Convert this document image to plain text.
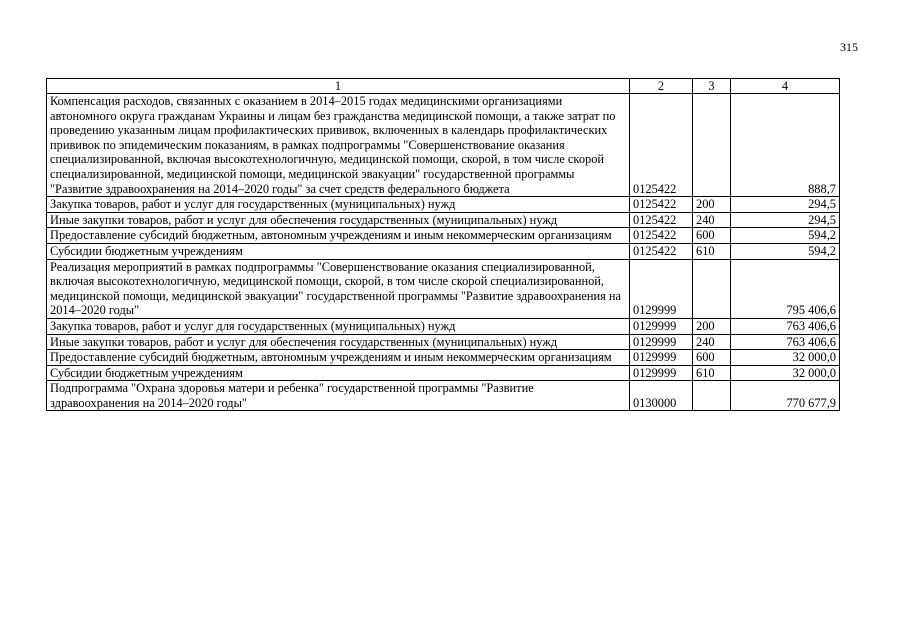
315
1	2	3	4
Компенсация расходов, связанных с оказанием в 2014–2015 годах медицинскими организациями автономного округа гражданам Украины и лицам без гражданства медицинской помощи, а также затрат по проведению указанным лицам профилактических прививок, включенных в календарь профилактических прививок по эпидемическим показаниям, в рамках подпрограммы "Совершенствование оказания специализированной, включая высокотехнологичную, медицинской помощи, скорой, в том числе скорой специализированной, медицинской помощи, медицинской эвакуации" государственной программы "Развитие здравоохранения на 2014–2020 годы" за счет средств федерального бюджета	0125422		888,7
Закупка товаров, работ и услуг для государственных (муниципальных) нужд	0125422	200	294,5
Иные закупки товаров, работ и услуг для обеспечения государственных (муниципальных) нужд	0125422	240	294,5
Предоставление субсидий бюджетным, автономным учреждениям и иным некоммерческим организациям	0125422	600	594,2
Субсидии бюджетным учреждениям	0125422	610	594,2
Реализация мероприятий в рамках подпрограммы "Совершенствование оказания специализированной, включая высокотехнологичную, медицинской помощи, скорой, в том числе скорой специализированной, медицинской помощи, медицинской эвакуации" государственной программы "Развитие здравоохранения на 2014–2020 годы"	0129999		795 406,6
Закупка товаров, работ и услуг для государственных (муниципальных) нужд	0129999	200	763 406,6
Иные закупки товаров, работ и услуг для обеспечения государственных (муниципальных) нужд	0129999	240	763 406,6
Предоставление субсидий бюджетным, автономным учреждениям и иным некоммерческим организациям	0129999	600	32 000,0
Субсидии бюджетным учреждениям	0129999	610	32 000,0
Подпрограмма "Охрана здоровья матери и ребенка" государственной программы "Развитие здравоохранения на 2014–2020 годы"	0130000		770 677,9
